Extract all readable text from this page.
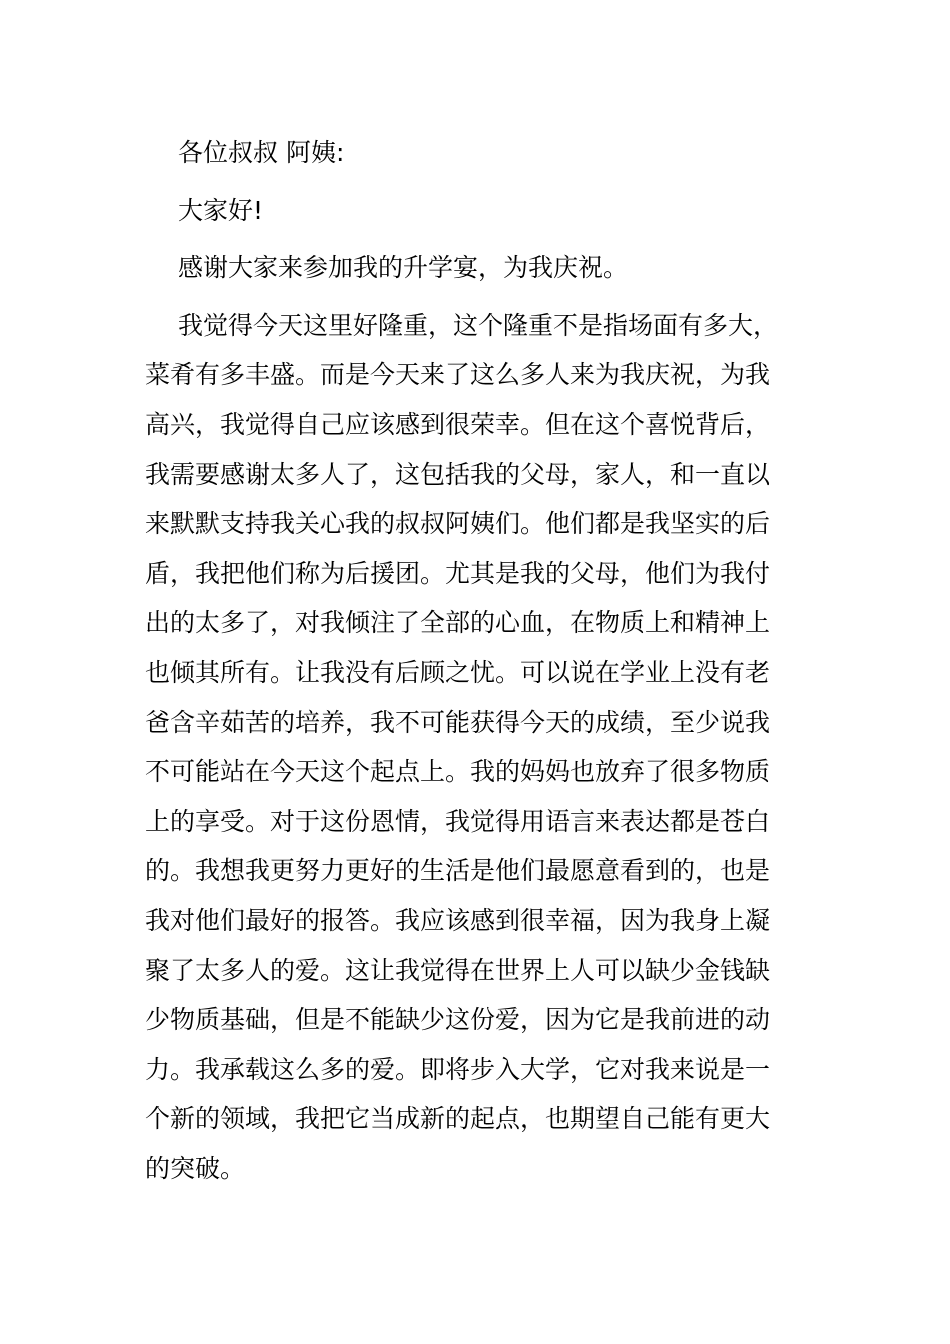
各位叔叔 阿姨:
大家好!
感谢大家来参加我的升学宴，为我庆祝。
我觉得今天这里好隆重，这个隆重不是指场面有多大，
菜肴有多丰盛。而是今天来了这么多人来为我庆祝，为我
高兴，我觉得自己应该感到很荣幸。但在这个喜悦背后，
我需要感谢太多人了，这包括我的父母，家人，和一直以
来默默支持我关心我的叔叔阿姨们。他们都是我坚实的后
盾，我把他们称为后援团。尤其是我的父母，他们为我付
出的太多了，对我倾注了全部的心血，在物质上和精神上
也倾其所有。让我没有后顾之忧。可以说在学业上没有老
爸含辛茹苦的培养，我不可能获得今天的成绩，至少说我
不可能站在今天这个起点上。我的妈妈也放弃了很多物质
上的享受。对于这份恩情，我觉得用语言来表达都是苍白
的。我想我更努力更好的生活是他们最愿意看到的，也是
我对他们最好的报答。我应该感到很幸福，因为我身上凝
聚了太多人的爱。这让我觉得在世界上人可以缺少金钱缺
少物质基础，但是不能缺少这份爱，因为它是我前进的动
力。我承载这么多的爱。即将步入大学，它对我来说是一
个新的领域，我把它当成新的起点，也期望自己能有更大
的突破。
